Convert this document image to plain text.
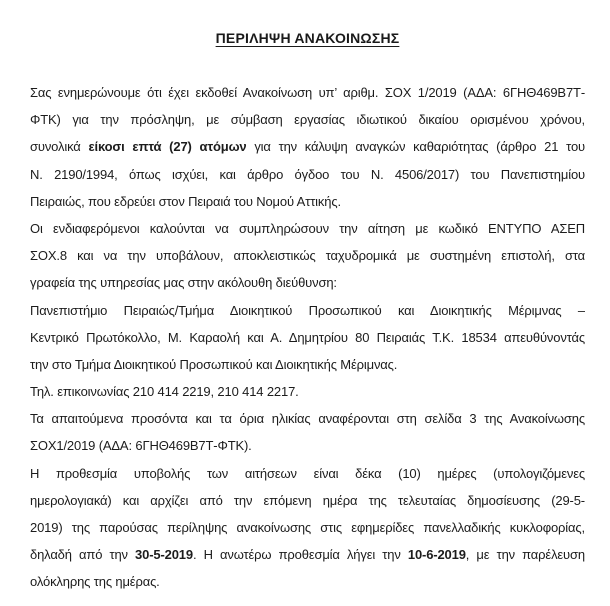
ΠΕΡΙΛΗΨΗ ΑΝΑΚΟΙΝΩΣΗΣ
Σας ενημερώνουμε ότι έχει εκδοθεί Ανακοίνωση υπ’ αριθμ. ΣΟΧ 1/2019 (ΑΔΑ: 6ΓΗΘ469Β7Τ-
ΦΤΚ) για την πρόσληψη, με σύμβαση εργασίας ιδιωτικού δικαίου ορισμένου χρόνου,
συνολικά είκοσι επτά (27) ατόμων για την κάλυψη αναγκών καθαριότητας (άρθρο 21 του
Ν. 2190/1994, όπως ισχύει, και άρθρο όγδοο του Ν. 4506/2017) του Πανεπιστημίου
Πειραιώς, που εδρεύει στον Πειραιά του Νομού Αττικής.
Οι ενδιαφερόμενοι καλούνται να συμπληρώσουν την αίτηση με κωδικό ΕΝΤΥΠΟ ΑΣΕΠ
ΣΟΧ.8 και να την υποβάλουν, αποκλειστικώς ταχυδρομικά με συστημένη επιστολή, στα
γραφεία της υπηρεσίας μας στην ακόλουθη διεύθυνση:
Πανεπιστήμιο Πειραιώς/Τμήμα Διοικητικού Προσωπικού και Διοικητικής Μέριμνας –
Κεντρικό Πρωτόκολλο, Μ. Καραολή και Α. Δημητρίου 80 Πειραιάς Τ.Κ. 18534 απευθύνοντάς
την στο Τμήμα Διοικητικού Προσωπικού και Διοικητικής Μέριμνας.
Τηλ. επικοινωνίας 210 414 2219, 210 414 2217.
Τα απαιτούμενα προσόντα και τα όρια ηλικίας αναφέρονται στη σελίδα 3 της Ανακοίνωσης
ΣΟΧ1/2019 (ΑΔΑ: 6ΓΗΘ469Β7Τ-ΦΤΚ).
Η προθεσμία υποβολής των αιτήσεων είναι δέκα (10) ημέρες (υπολογιζόμενες
ημερολογιακά) και αρχίζει από την επόμενη ημέρα της τελευταίας δημοσίευσης (29-5-
2019) της παρούσας περίληψης ανακοίνωσης στις εφημερίδες πανελλαδικής κυκλοφορίας,
δηλαδή από την 30-5-2019. Η ανωτέρω προθεσμία λήγει την 10-6-2019, με την παρέλευση
ολόκληρης της ημέρας.
